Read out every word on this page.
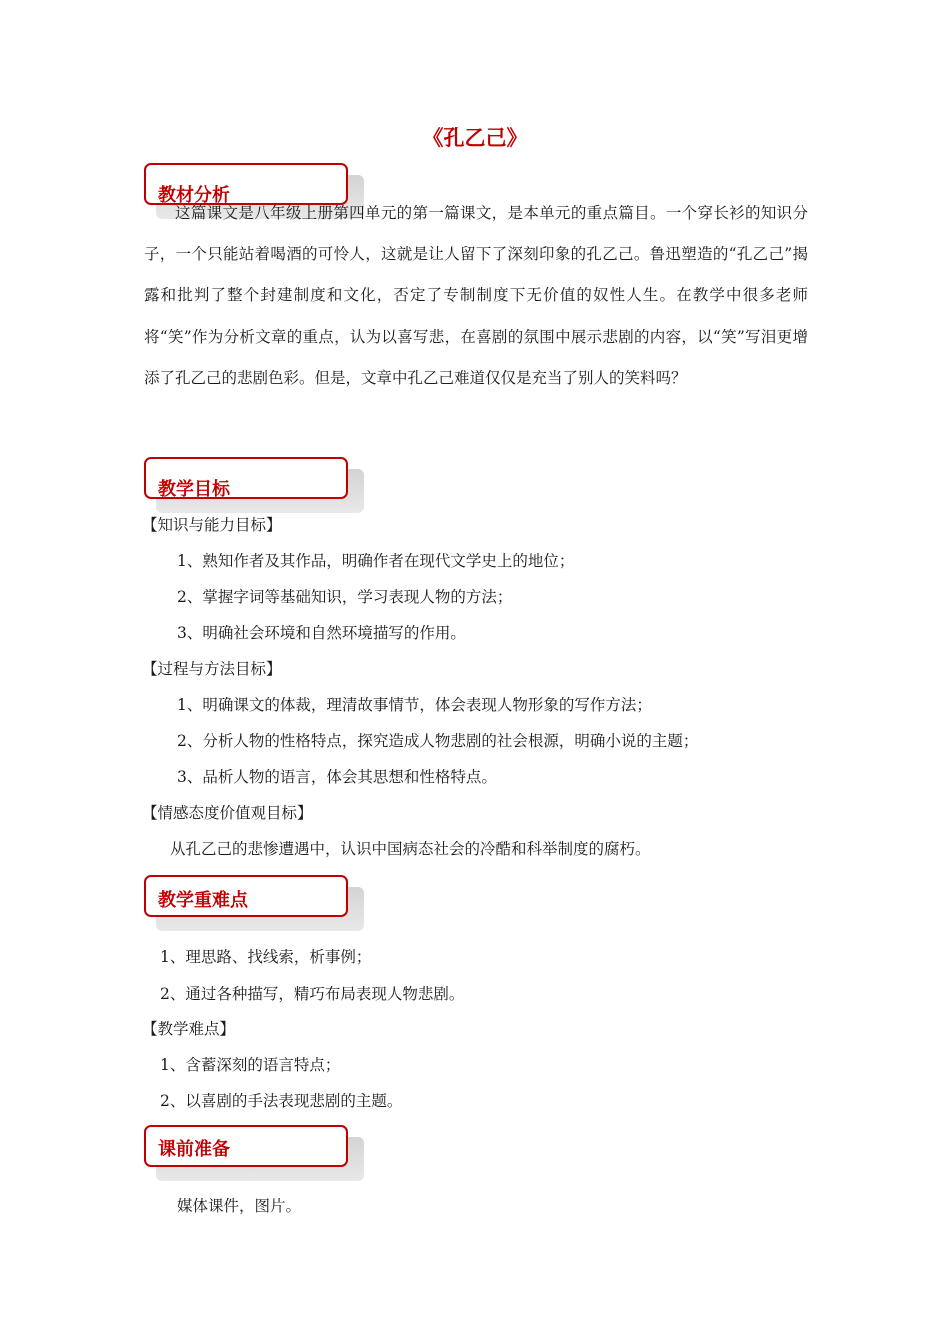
《孔乙己》
教材分析

这篇课文是八年级上册第四单元的第一篇课文，是本单元的重点篇目。一个穿长衫的知识分子，一个只能站着喝酒的可怜人，这就是让人留下了深刻印象的孔乙己。鲁迅塑造的“孔乙己”揭露和批判了整个封建制度和文化，否定了专制制度下无价值的奴性人生。在教学中很多老师将“笑”作为分析文章的重点，认为以喜写悲，在喜剧的氛围中展示悲剧的内容，以“笑”写泪更增添了孔乙己的悲剧色彩。但是，文章中孔乙己难道仅仅是充当了别人的笑料吗？

教学目标
【知识与能力目标】
1、熟知作者及其作品，明确作者在现代文学史上的地位；
2、掌握字词等基础知识，学习表现人物的方法；
3、明确社会环境和自然环境描写的作用。
【过程与方法目标】
1、明确课文的体裁，理清故事情节，体会表现人物形象的写作方法；
2、分析人物的性格特点，探究造成人物悲剧的社会根源，明确小说的主题；
3、品析人物的语言，体会其思想和性格特点。
【情感态度价值观目标】
从孔乙己的悲惨遭遇中，认识中国病态社会的冷酷和科举制度的腐朽。
教学重难点
1、理思路、找线索，析事例；
2、通过各种描写，精巧布局表现人物悲剧。
【教学难点】
1、含蓄深刻的语言特点；
2、以喜剧的手法表现悲剧的主题。
课前准备
媒体课件，图片。
